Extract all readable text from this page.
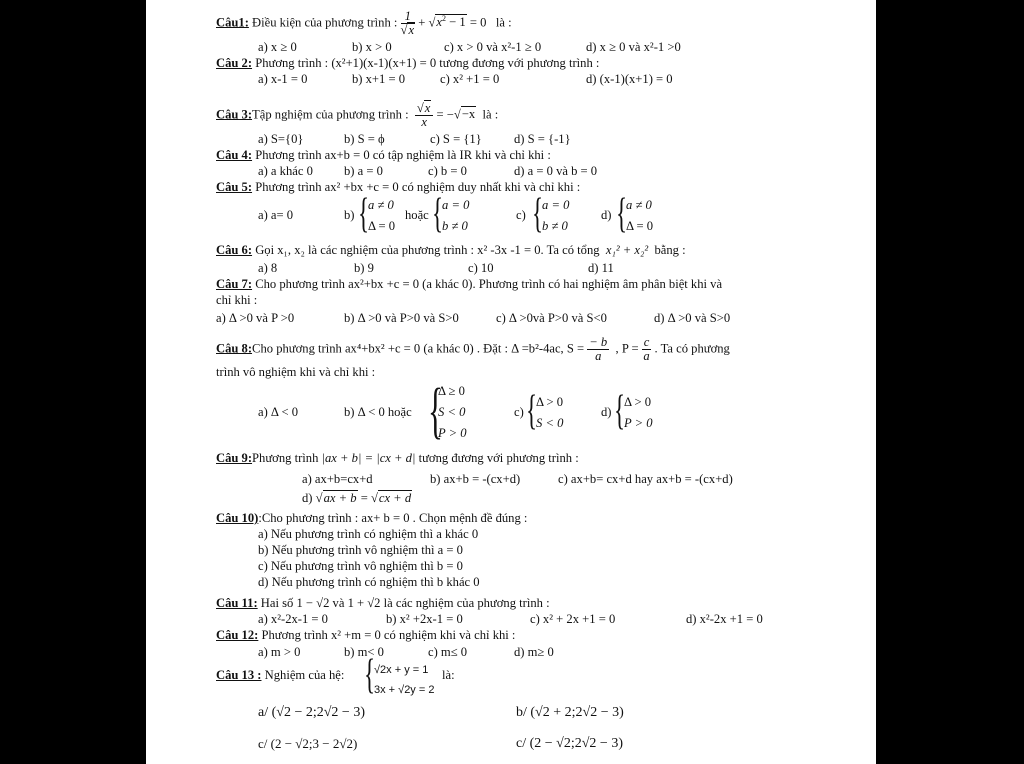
Câu1: Điều kiện của phương trình : $\frac{1}{√x} + √x^2 - 1 = 0$ là :
a) x ≥ 0	b) x > 0	c) x > 0 và x²-1 ≥ 0	d) x ≥ 0 và x²-1 >0
Câu 2: Phương trình : (x²+1)(x-1)(x+1) = 0 tương đương với phương trình :
a) x-1 = 0	b) x+1 = 0	c) x² +1 = 0	d) (x-1)(x+1) = 0
Câu 3:Tập nghiệm của phương trình : $\frac{√x}{x} = -√-x$ là :
a) S={0}	b) S = ϕ	c) S = {1}	d) S = {-1}
Câu 4: Phương trình ax+b = 0 có tập nghiệm là IR khi và chỉ khi :
a) a khác 0 b) a = 0	c) b = 0	d) a = 0 và b = 0
Câu 5: Phương trình ax² +bx +c = 0 có nghiệm duy nhất khi và chỉ khi :
a) a= 0	b) {
a ≠ 0
Δ = 0
hoặc {
a = 0
b ≠ 0
c) {
a = 0
b ≠ 0
d) {
a ≠ 0
Δ = 0
Câu 6: Gọi x₁, x₂ là các nghiệm của phương trình : x² -3x -1 = 0. Ta có tổng x₁² + x₂² bằng :
a) 8	b) 9	c) 10	d) 11
Câu 7: Cho phương trình ax²+bx +c = 0 (a khác 0). Phương trình có hai nghiệm âm phân biệt khi và
chỉ khi :
a) Δ >0 và P >0	b) Δ >0 và P>0 và S>0	c) Δ >0và P>0 và S<0	d) Δ >0 và S>0
Câu 8:Cho phương trình ax⁴+bx² +c = 0 (a khác 0) . Đặt : Δ =b²-4ac, $S = \frac{- b}{a}$ , $P = \frac{c}{a}$ . Ta có phương
trình vô nghiệm khi và chỉ khi :
a) Δ < 0	b) Δ < 0 hoặc {
Δ ≥ 0
S < 0
P > 0
c) {
Δ > 0
S < 0
d) {
Δ > 0
P > 0
Câu 9:Phương trình |ax + b| = |cx + d| tương đương với phương trình :
a) ax+b=cx+d	b) ax+b = -(cx+d)	c) ax+b= cx+d hay ax+b = -(cx+d)
d) √ax + b = √cx + d
Câu 10):Cho phương trình : ax+ b = 0 . Chọn mệnh đề đúng :
a) Nếu phương trình có nghiệm thì a khác 0
b) Nếu phương trình vô nghiệm thì a = 0
c) Nếu phương trình vô nghiệm thì b = 0
d) Nếu phương trình có nghiệm thì b khác 0
Câu 11: Hai số 1 − √2 và 1 + √2 là các nghiệm của phương trình :
a) x²-2x-1 = 0	b) x² +2x-1 = 0	c) x² + 2x +1 = 0	d) x²-2x +1 = 0
Câu 12: Phương trình x² +m = 0 có nghiệm khi và chỉ khi :
a) m > 0	b) m< 0	c) m≤ 0	d) m≥ 0
Câu 13 : Nghiệm của hệ: {
√2x + y = 1
3x + √2y = 2
là:
a/ (√2 − 2;2√2 − 3)	b/ (√2 + 2;2√2 − 3)
c/ (2 − √2;3 − 2√2)	c/ (2 − √2;2√2 − 3)
